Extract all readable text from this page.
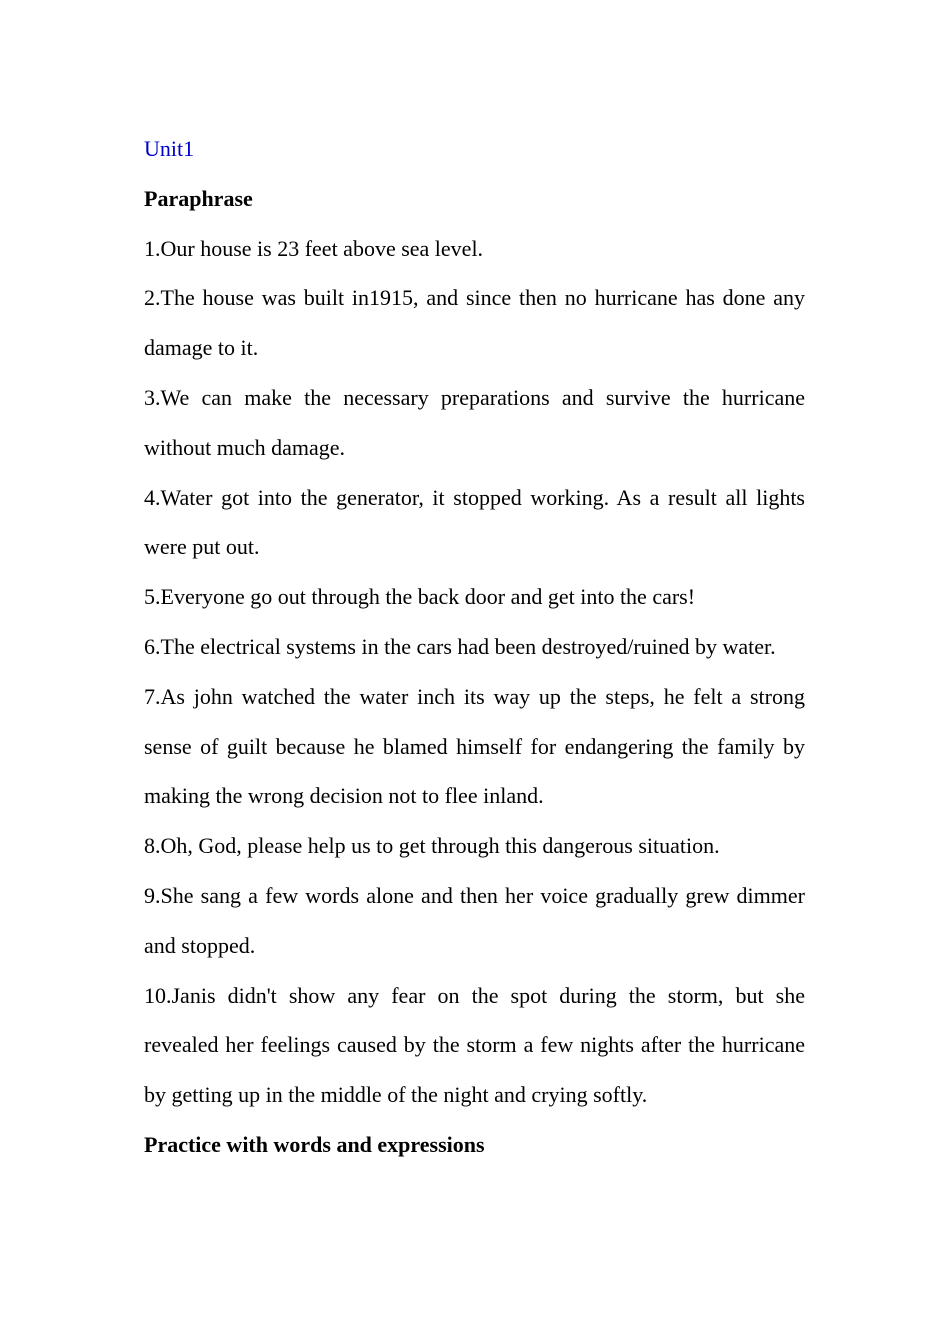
Unit1

Paraphrase

1.Our house is 23 feet above sea level.

2.The house was built in1915, and since then no hurricane has done any damage to it.

3.We can make the necessary preparations and survive the hurricane without much damage.

4.Water got into the generator, it stopped working. As a result all lights were put out.

5.Everyone go out through the back door and get into the cars!

6.The electrical systems in the cars had been destroyed/ruined by water.

7.As john watched the water inch its way up the steps, he felt a strong sense of guilt because he blamed himself for endangering the family by making the wrong decision not to flee inland.

8.Oh, God, please help us to get through this dangerous situation.

9.She sang a few words alone and then her voice gradually grew dimmer and stopped.

10.Janis didn't show any fear on the spot during the storm, but she revealed her feelings caused by the storm a few nights after the hurricane by getting up in the middle of the night and crying softly.

Practice with words and expressions
